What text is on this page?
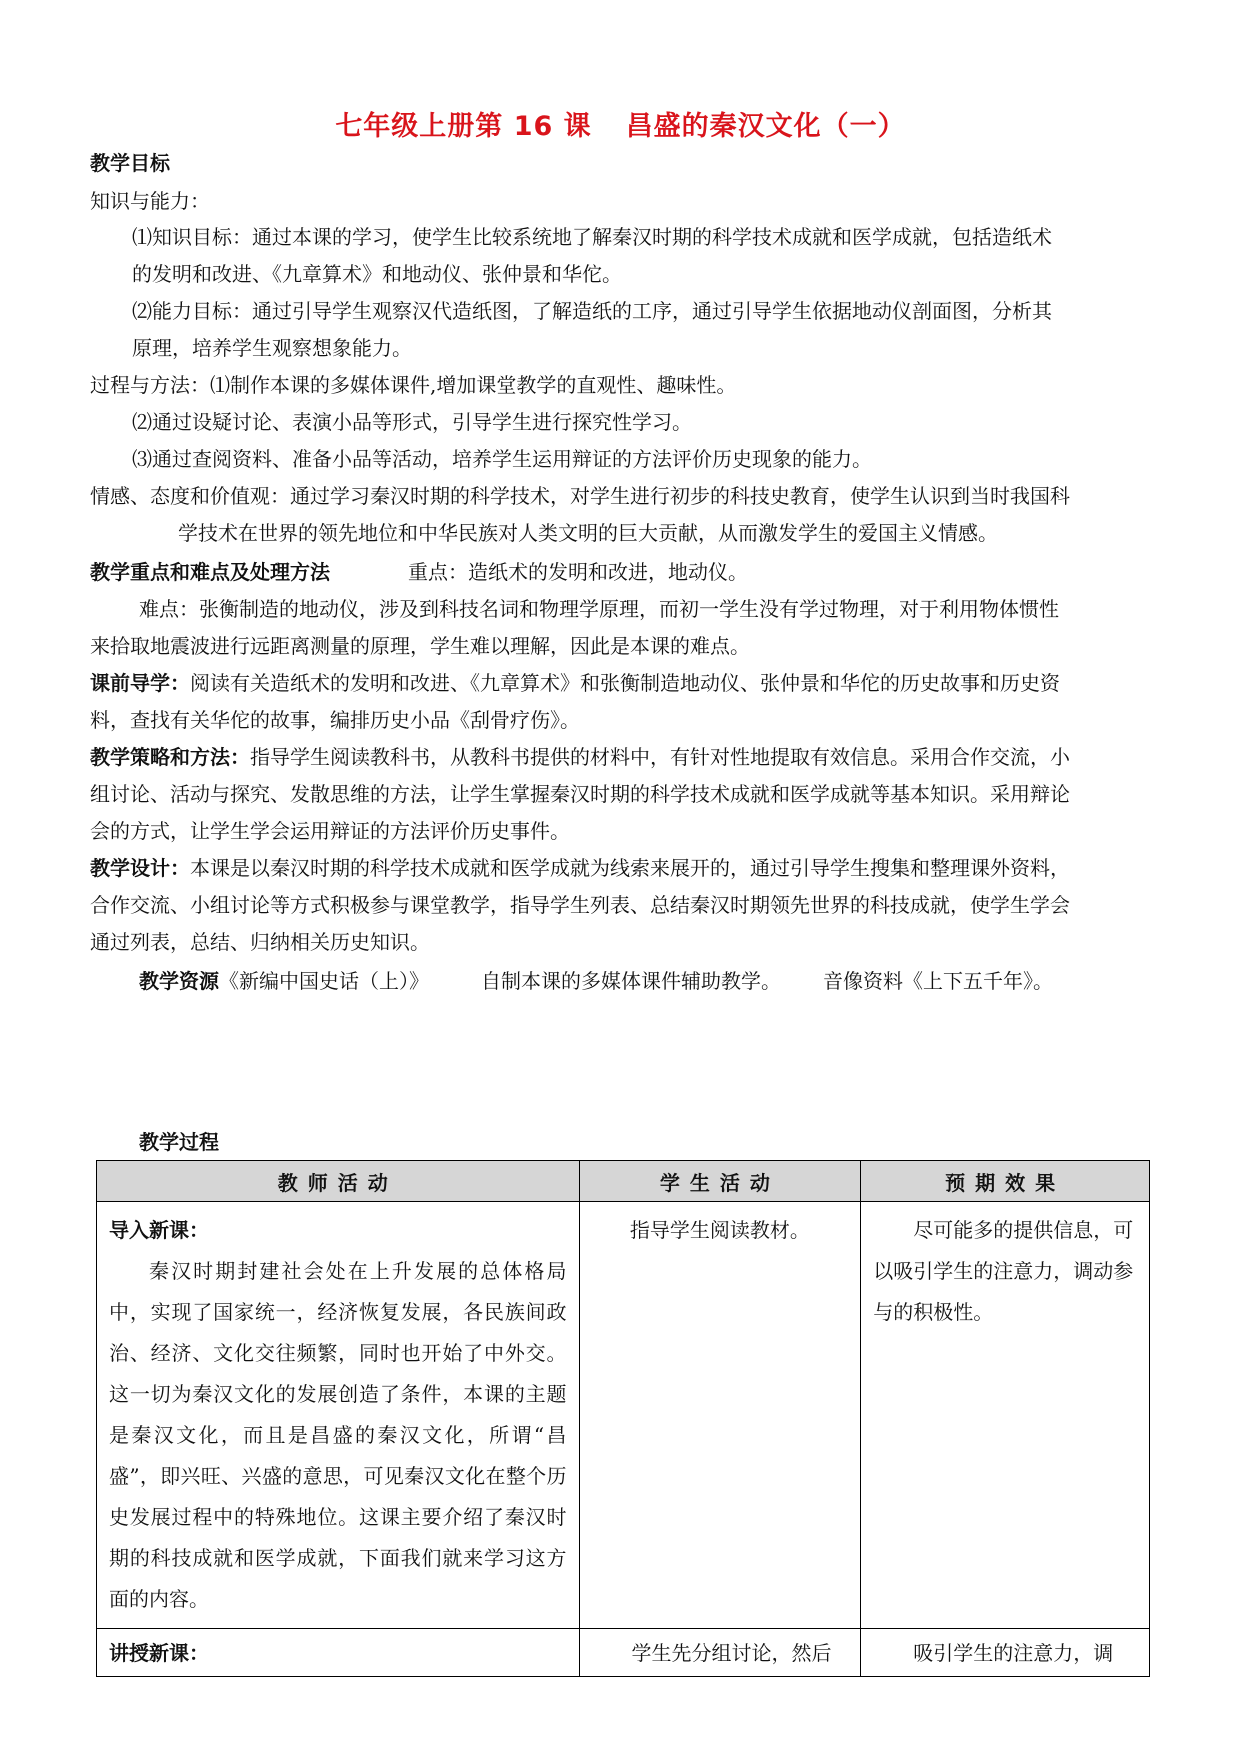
七年级上册第 16 课 昌盛的秦汉文化（一）
教学目标
知识与能力：
⑴知识目标：通过本课的学习，使学生比较系统地了解秦汉时期的科学技术成就和医学成就，包括造纸术
的发明和改进、《九章算术》和地动仪、张仲景和华佗。
⑵能力目标：通过引导学生观察汉代造纸图，了解造纸的工序，通过引导学生依据地动仪剖面图，分析其
原理，培养学生观察想象能力。
过程与方法：⑴制作本课的多媒体课件,增加课堂教学的直观性、趣味性。
⑵通过设疑讨论、表演小品等形式，引导学生进行探究性学习。
⑶通过查阅资料、准备小品等活动，培养学生运用辩证的方法评价历史现象的能力。
情感、态度和价值观：通过学习秦汉时期的科学技术，对学生进行初步的科技史教育，使学生认识到当时我国科
学技术在世界的领先地位和中华民族对人类文明的巨大贡献，从而激发学生的爱国主义情感。
教学重点和难点及处理方法	重点：造纸术的发明和改进，地动仪。
难点：张衡制造的地动仪，涉及到科技名词和物理学原理，而初一学生没有学过物理，对于利用物体惯性
来拾取地震波进行远距离测量的原理，学生难以理解，因此是本课的难点。
课前导学：阅读有关造纸术的发明和改进、《九章算术》和张衡制造地动仪、张仲景和华佗的历史故事和历史资
料，查找有关华佗的故事，编排历史小品《刮骨疗伤》。
教学策略和方法：指导学生阅读教科书，从教科书提供的材料中，有针对性地提取有效信息。采用合作交流，小
组讨论、活动与探究、发散思维的方法，让学生掌握秦汉时期的科学技术成就和医学成就等基本知识。采用辩论
会的方式，让学生学会运用辩证的方法评价历史事件。
教学设计：本课是以秦汉时期的科学技术成就和医学成就为线索来展开的，通过引导学生搜集和整理课外资料，
合作交流、小组讨论等方式积极参与课堂教学，指导学生列表、总结秦汉时期领先世界的科技成就，使学生学会
通过列表，总结、归纳相关历史知识。
教学资源《新编中国史话（上）》	自制本课的多媒体课件辅助教学。 音像资料《上下五千年》。
教学过程
教师活动	学生活动	预期效果

导入新课：

秦汉时期封建社会处在上升发展的总体格局中，实现了国家统一，经济恢复发展，各民族间政治、经济、文化交往频繁，同时也开始了中外交。这一切为秦汉文化的发展创造了条件，本课的主题是秦汉文化，而且是昌盛的秦汉文化，所谓“昌盛”，即兴旺、兴盛的意思，可见秦汉文化在整个历史发展过程中的特殊地位。这课主要介绍了秦汉时期的科技成就和医学成就，下面我们就来学习这方面的内容。	指导学生阅读教材。	尽可能多的提供信息，可以吸引学生的注意力，调动参与的积极性。

讲授新课：	学生先分组讨论，然后	吸引学生的注意力，调
